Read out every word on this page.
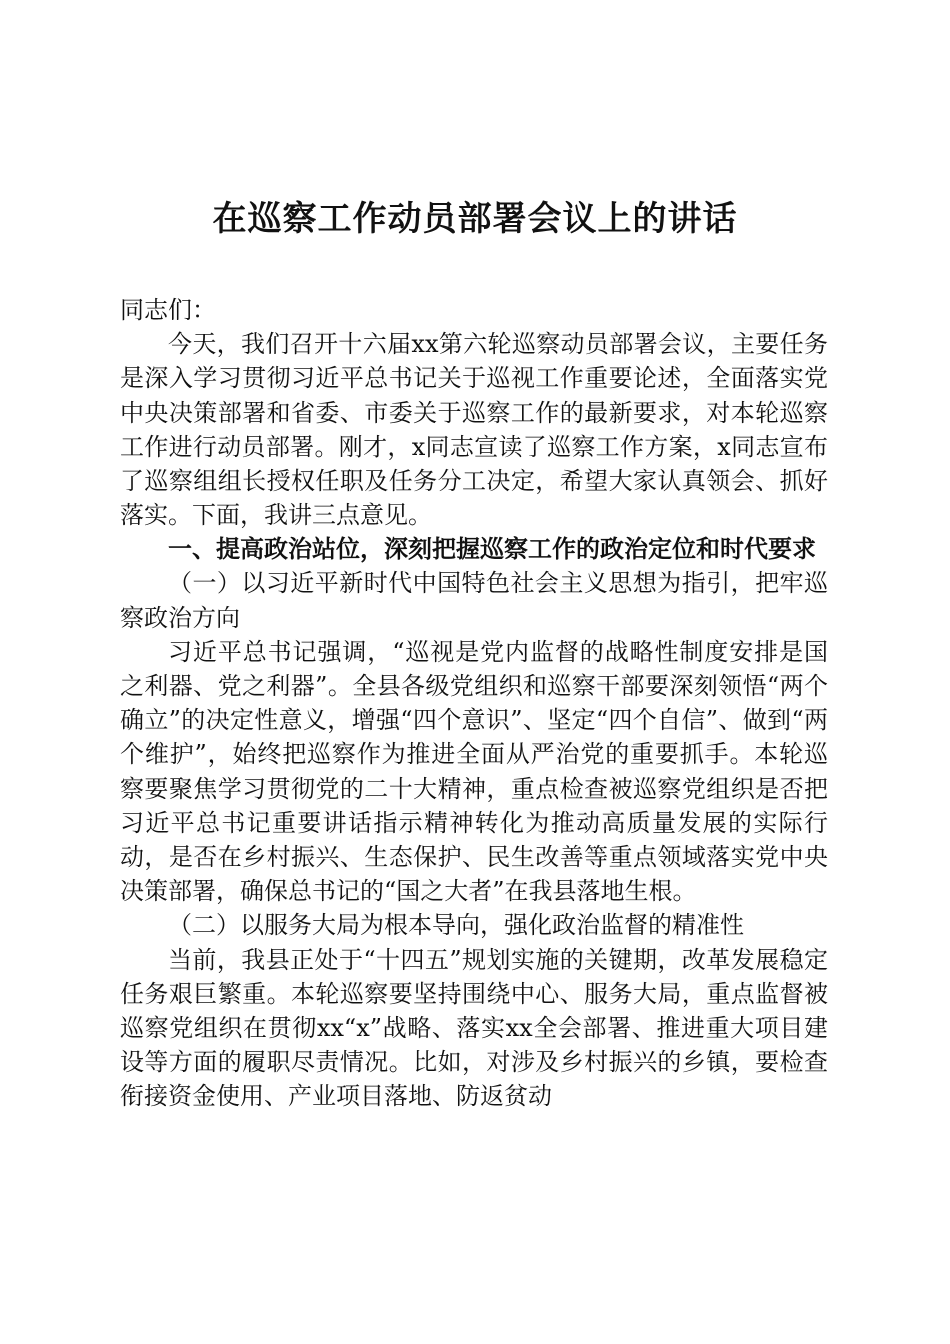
在巡察工作动员部署会议上的讲话

同志们：

今天，我们召开十六届xx第六轮巡察动员部署会议，主要任务是深入学习贯彻习近平总书记关于巡视工作重要论述，全面落实党中央决策部署和省委、市委关于巡察工作的最新要求，对本轮巡察工作进行动员部署。刚才，x同志宣读了巡察工作方案，x同志宣布了巡察组组长授权任职及任务分工决定，希望大家认真领会、抓好落实。下面，我讲三点意见。

一、提高政治站位，深刻把握巡察工作的政治定位和时代要求

（一）以习近平新时代中国特色社会主义思想为指引，把牢巡察政治方向

习近平总书记强调，“巡视是党内监督的战略性制度安排是国之利器、党之利器”。全县各级党组织和巡察干部要深刻领悟“两个确立”的决定性意义，增强“四个意识”、坚定“四个自信”、做到“两个维护”，始终把巡察作为推进全面从严治党的重要抓手。本轮巡察要聚焦学习贯彻党的二十大精神，重点检查被巡察党组织是否把习近平总书记重要讲话指示精神转化为推动高质量发展的实际行动，是否在乡村振兴、生态保护、民生改善等重点领域落实党中央决策部署，确保总书记的“国之大者”在我县落地生根。

（二）以服务大局为根本导向，强化政治监督的精准性

当前，我县正处于“十四五”规划实施的关键期，改革发展稳定任务艰巨繁重。本轮巡察要坚持围绕中心、服务大局，重点监督被巡察党组织在贯彻xx“x”战略、落实xx全会部署、推进重大项目建设等方面的履职尽责情况。比如，对涉及乡村振兴的乡镇，要检查衔接资金使用、产业项目落地、防返贫动
